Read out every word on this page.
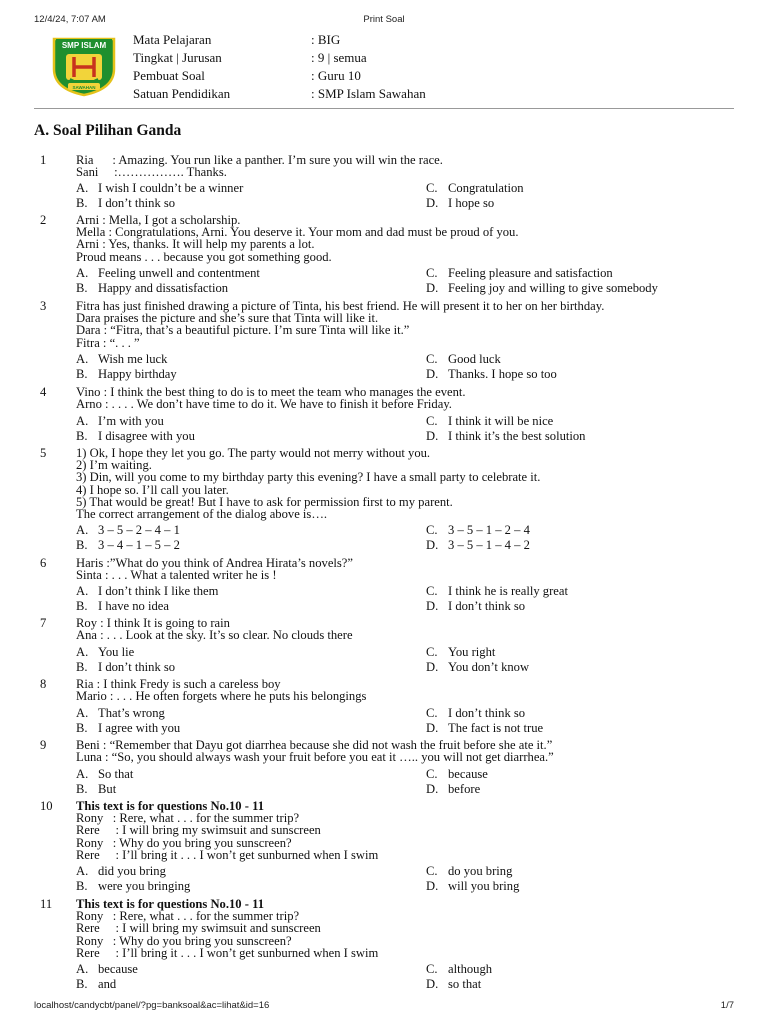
12/4/24, 7:07 AM	Print Soal
SMP ISLAM
SAWAHAN
Mata Pelajaran	: BIG
Tingkat | Jurusan	: 9 | semua
Pembuat Soal	: Guru 10
Satuan Pendidikan	: SMP Islam Sawahan
A. Soal Pilihan Ganda
1 Ria      : Amazing. You run like a panther. I’m sure you will win the race.
Sani     :……………. Thanks.
A. I wish I couldn’t be a winner	C. Congratulation
B. I don’t think so	D. I hope so
2 Arni : Mella, I got a scholarship.
Mella : Congratulations, Arni. You deserve it. Your mom and dad must be proud of you.
Arni : Yes, thanks. It will help my parents a lot.
Proud means . . . because you got something good.
A. Feeling unwell and contentment	C. Feeling pleasure and satisfaction
B. Happy and dissatisfaction	D. Feeling joy and willing to give somebody
3 Fitra has just finished drawing a picture of Tinta, his best friend. He will present it to her on her birthday.
Dara praises the picture and she’s sure that Tinta will like it.
Dara : “Fitra, that’s a beautiful picture. I’m sure Tinta will like it.”
Fitra : “. . . ”
A. Wish me luck	C. Good luck
B. Happy birthday	D. Thanks. I hope so too
4 Vino : I think the best thing to do is to meet the team who manages the event.
Arno : . . . . We don’t have time to do it. We have to finish it before Friday.
A. I’m with you	C. I think it will be nice
B. I disagree with you	D. I think it’s the best solution
5 1) Ok, I hope they let you go. The party would not merry without you.
2) I’m waiting.
3) Din, will you come to my birthday party this evening? I have a small party to celebrate it.
4) I hope so. I’ll call you later.
5) That would be great! But I have to ask for permission first to my parent.
The correct arrangement of the dialog above is….
A. 3 – 5 – 2 – 4 – 1	C. 3 – 5 – 1 – 2 – 4
B. 3 – 4 – 1 – 5 – 2	D. 3 – 5 – 1 – 4 – 2
6 Haris :”What do you think of Andrea Hirata’s novels?”
Sinta : . . . What a talented writer he is !
A. I don’t think I like them	C. I think he is really great
B. I have no idea	D. I don’t think so
7 Roy : I think It is going to rain
Ana : . . . Look at the sky. It’s so clear. No clouds there
A. You lie	C. You right
B. I don’t think so	D. You don’t know
8 Ria : I think Fredy is such a careless boy
Mario : . . . He often forgets where he puts his belongings
A. That’s wrong	C. I don’t think so
B. I agree with you	D. The fact is not true
9 Beni : “Remember that Dayu got diarrhea because she did not wash the fruit before she ate it.”
Luna : “So, you should always wash your fruit before you eat it ….. you will not get diarrhea.”
A. So that	C. because
B. But	D. before
10 This text is for questions No.10 - 11
Rony   : Rere, what . . . for the summer trip?
Rere     : I will bring my swimsuit and sunscreen
Rony   : Why do you bring you sunscreen?
Rere     : I’ll bring it . . . I won’t get sunburned when I swim
A. did you bring	C. do you bring
B. were you bringing	D. will you bring
11 This text is for questions No.10 - 11
Rony   : Rere, what . . . for the summer trip?
Rere     : I will bring my swimsuit and sunscreen
Rony   : Why do you bring you sunscreen?
Rere     : I’ll bring it . . . I won’t get sunburned when I swim
A. because	C. although
B. and	D. so that
localhost/candycbt/panel/?pg=banksoal&ac=lihat&id=16	1/7
